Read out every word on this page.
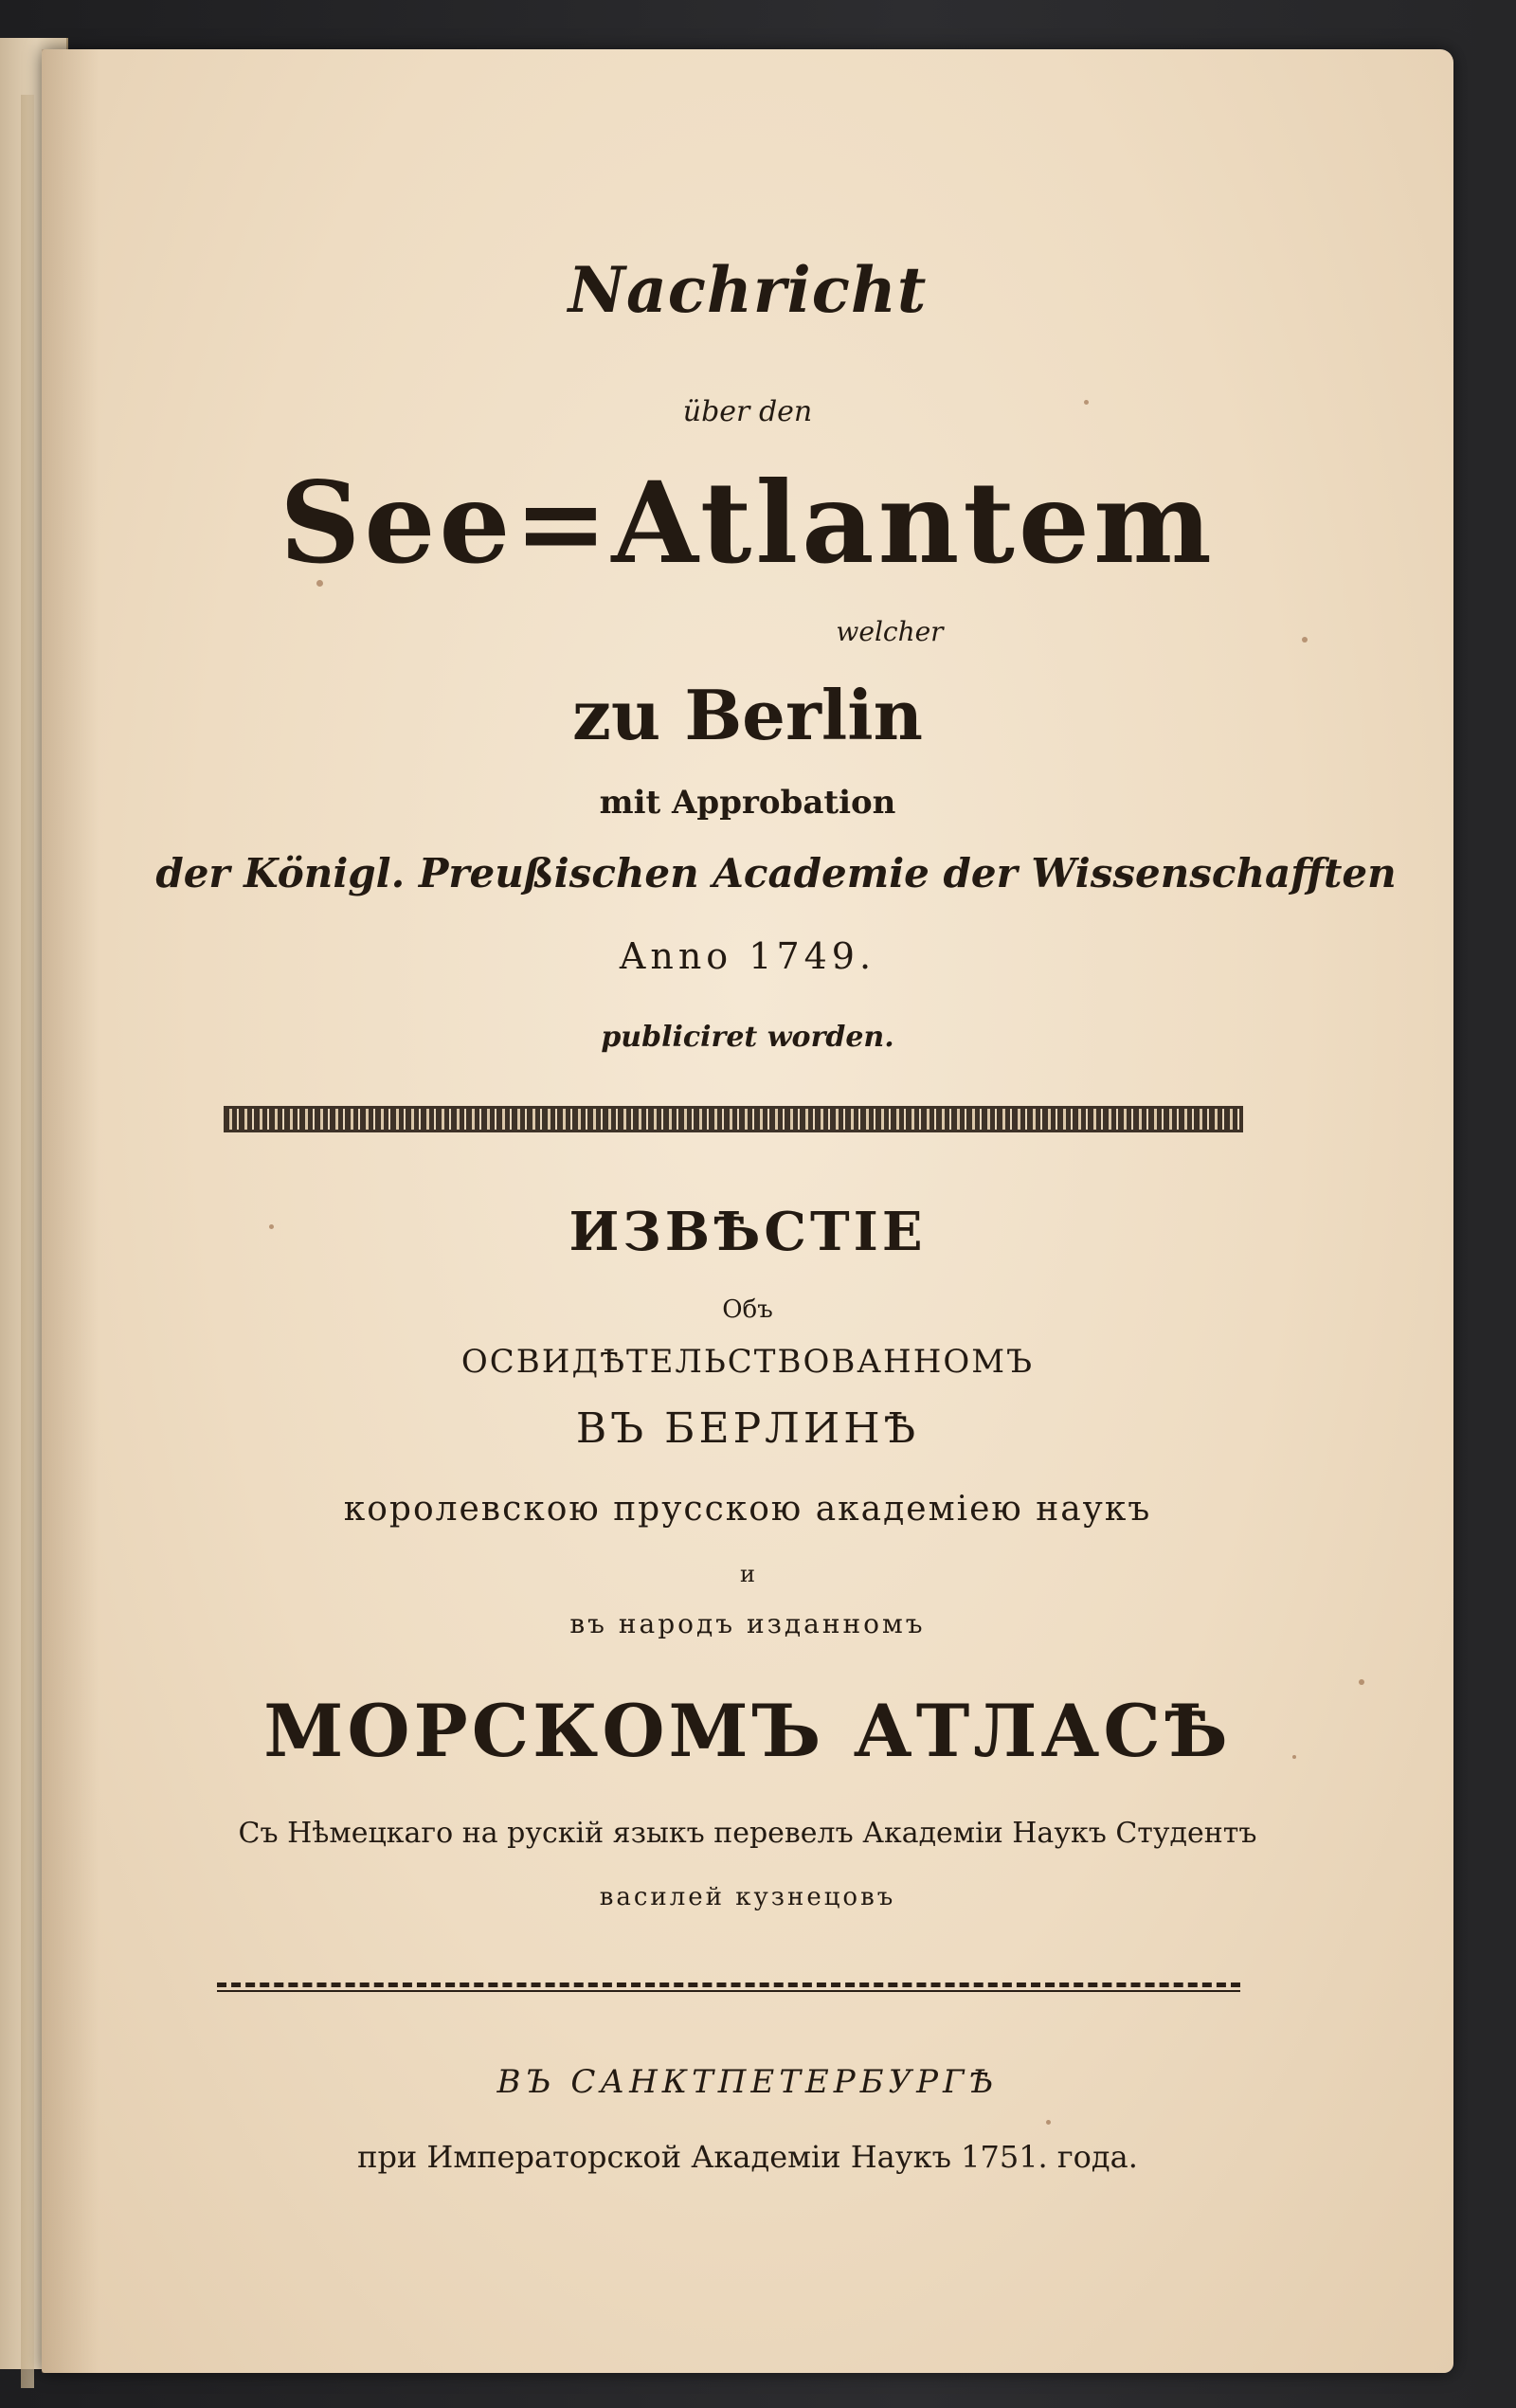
Nachricht
über den
See=Atlantem
welcher
zu Berlin
mit Approbation
der Königl. Preußischen Academie der Wissenschafften
Anno 1749.
publiciret worden.
ИЗВѢСТІЕ
Объ
ОСВИДѢТЕЛЬСТВОВАННОМЪ
ВЪ БЕРЛИНѢ
королевскою прусскою академіею наукъ
и
въ народъ изданномъ
МОРСКОМЪ АТЛАСѢ
Съ Нѣмецкаго на рускій языкъ перевелъ Академіи Наукъ Студентъ
василей кузнецовъ
ВЪ САНКТПЕТЕРБУРГѢ
при Императорской Академіи Наукъ 1751. года.
